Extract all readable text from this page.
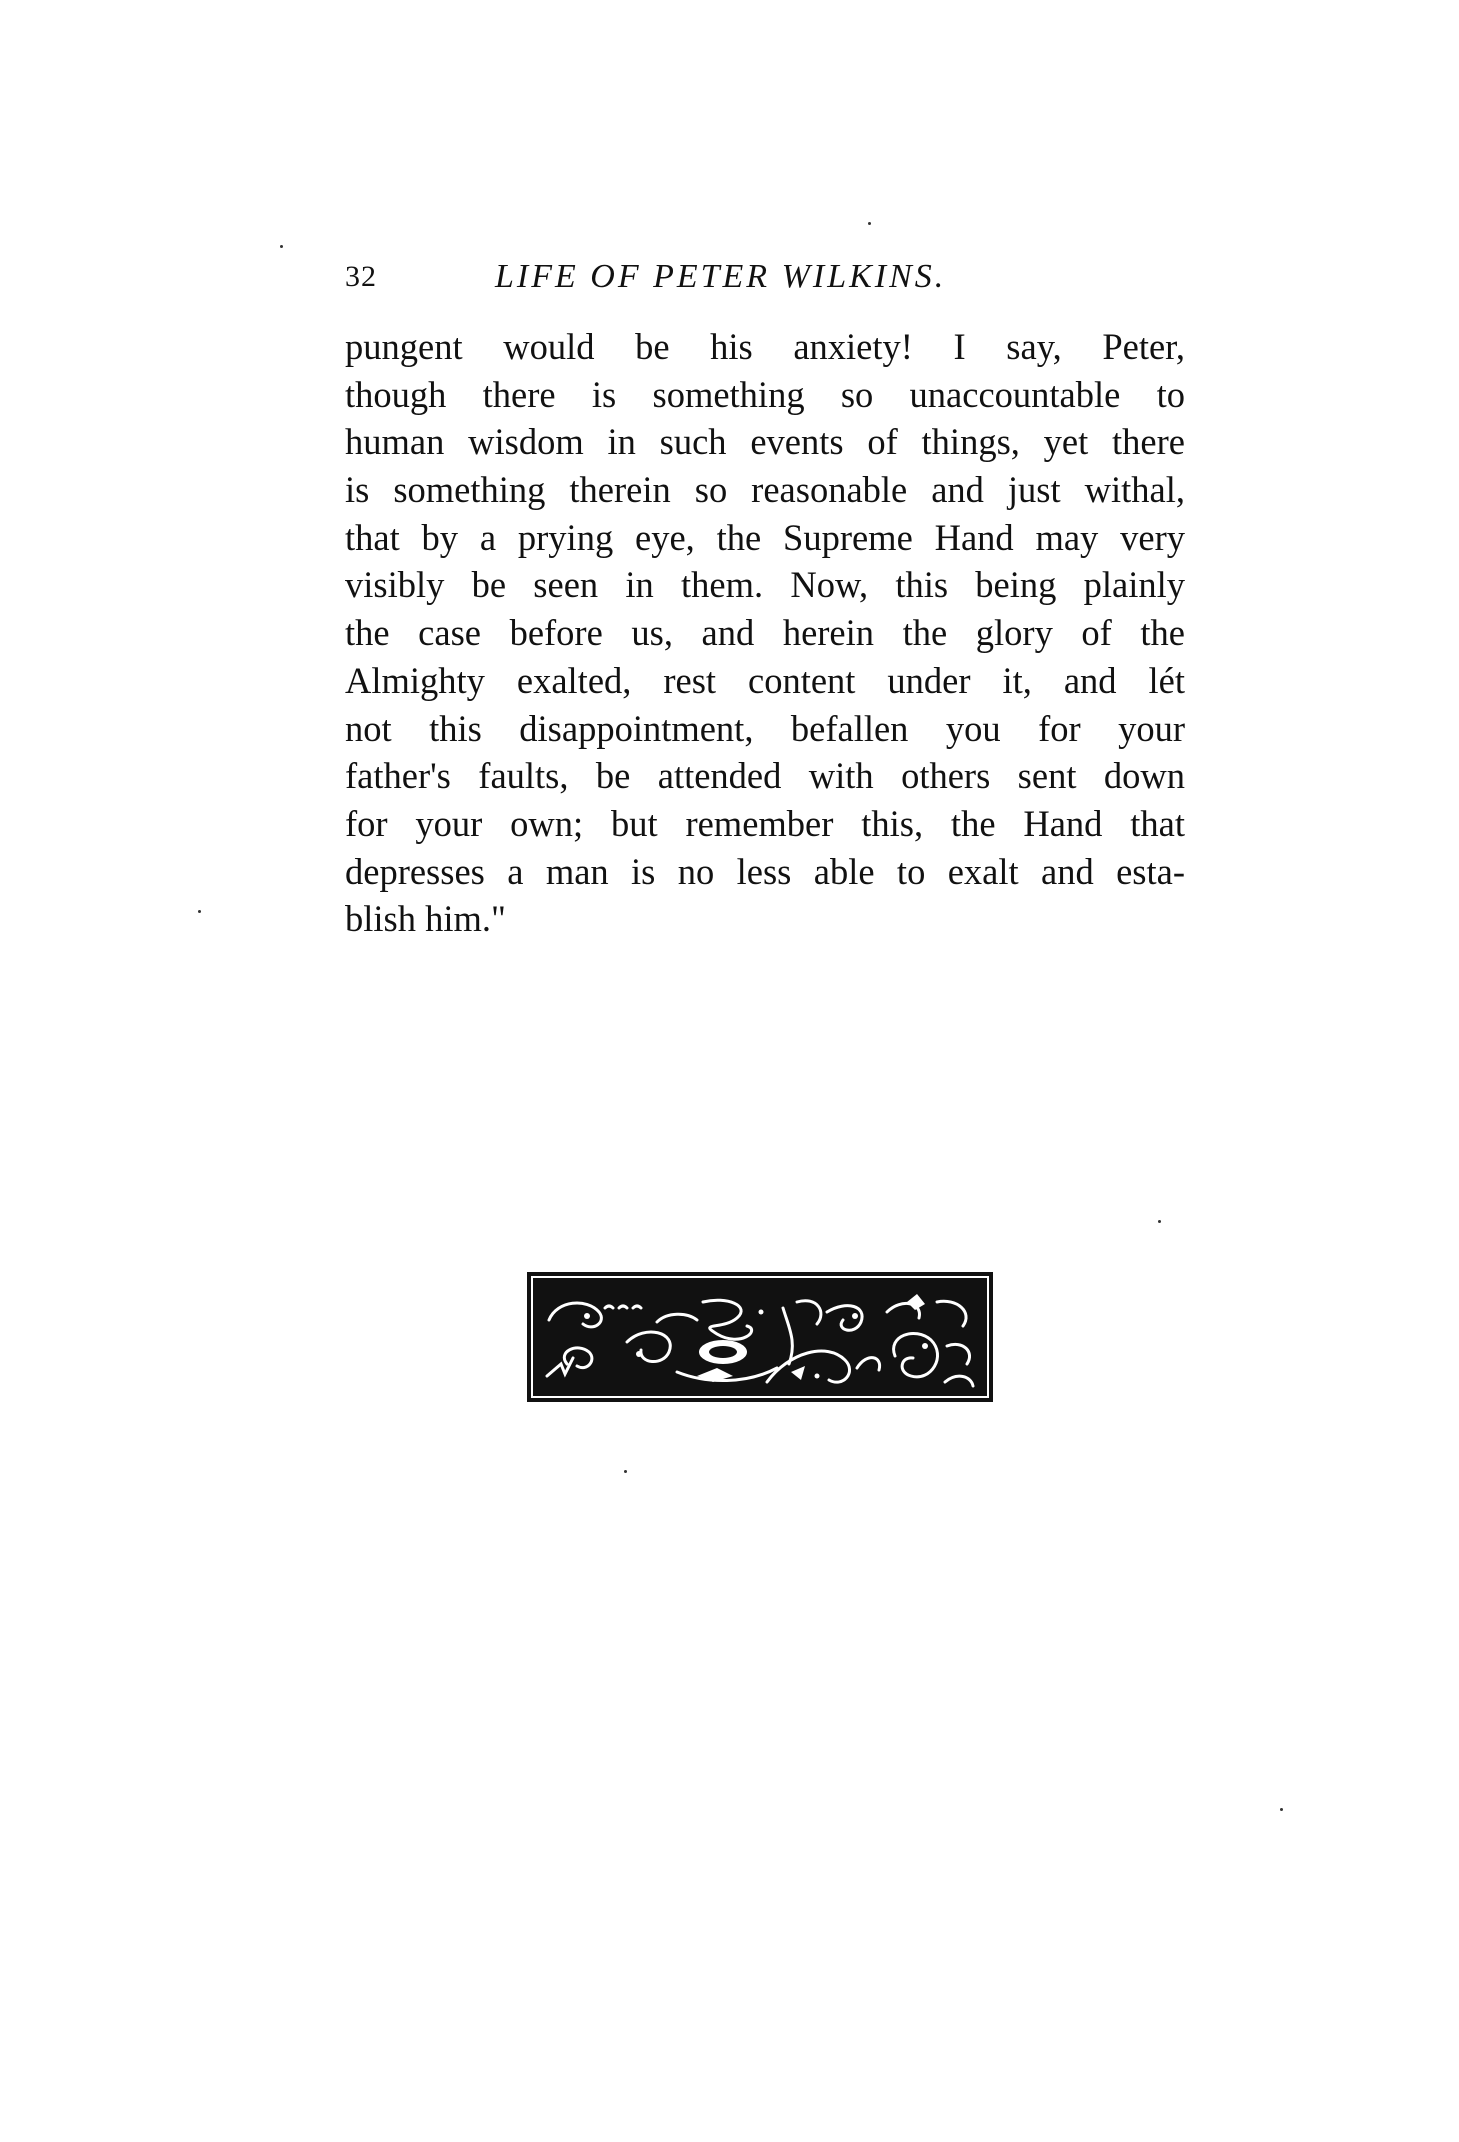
32	LIFE OF PETER WILKINS.
pungent would be his anxiety! I say, Peter,
though there is something so unaccountable to
human wisdom in such events of things, yet there
is something therein so reasonable and just withal,
that by a prying eye, the Supreme Hand may very
visibly be seen in them. Now, this being plainly
the case before us, and herein the glory of the
Almighty exalted, rest content under it, and lét
not this disappointment, befallen you for your
father's faults, be attended with others sent down
for your own; but remember this, the Hand that
depresses a man is no less able to exalt and esta-
blish him."
